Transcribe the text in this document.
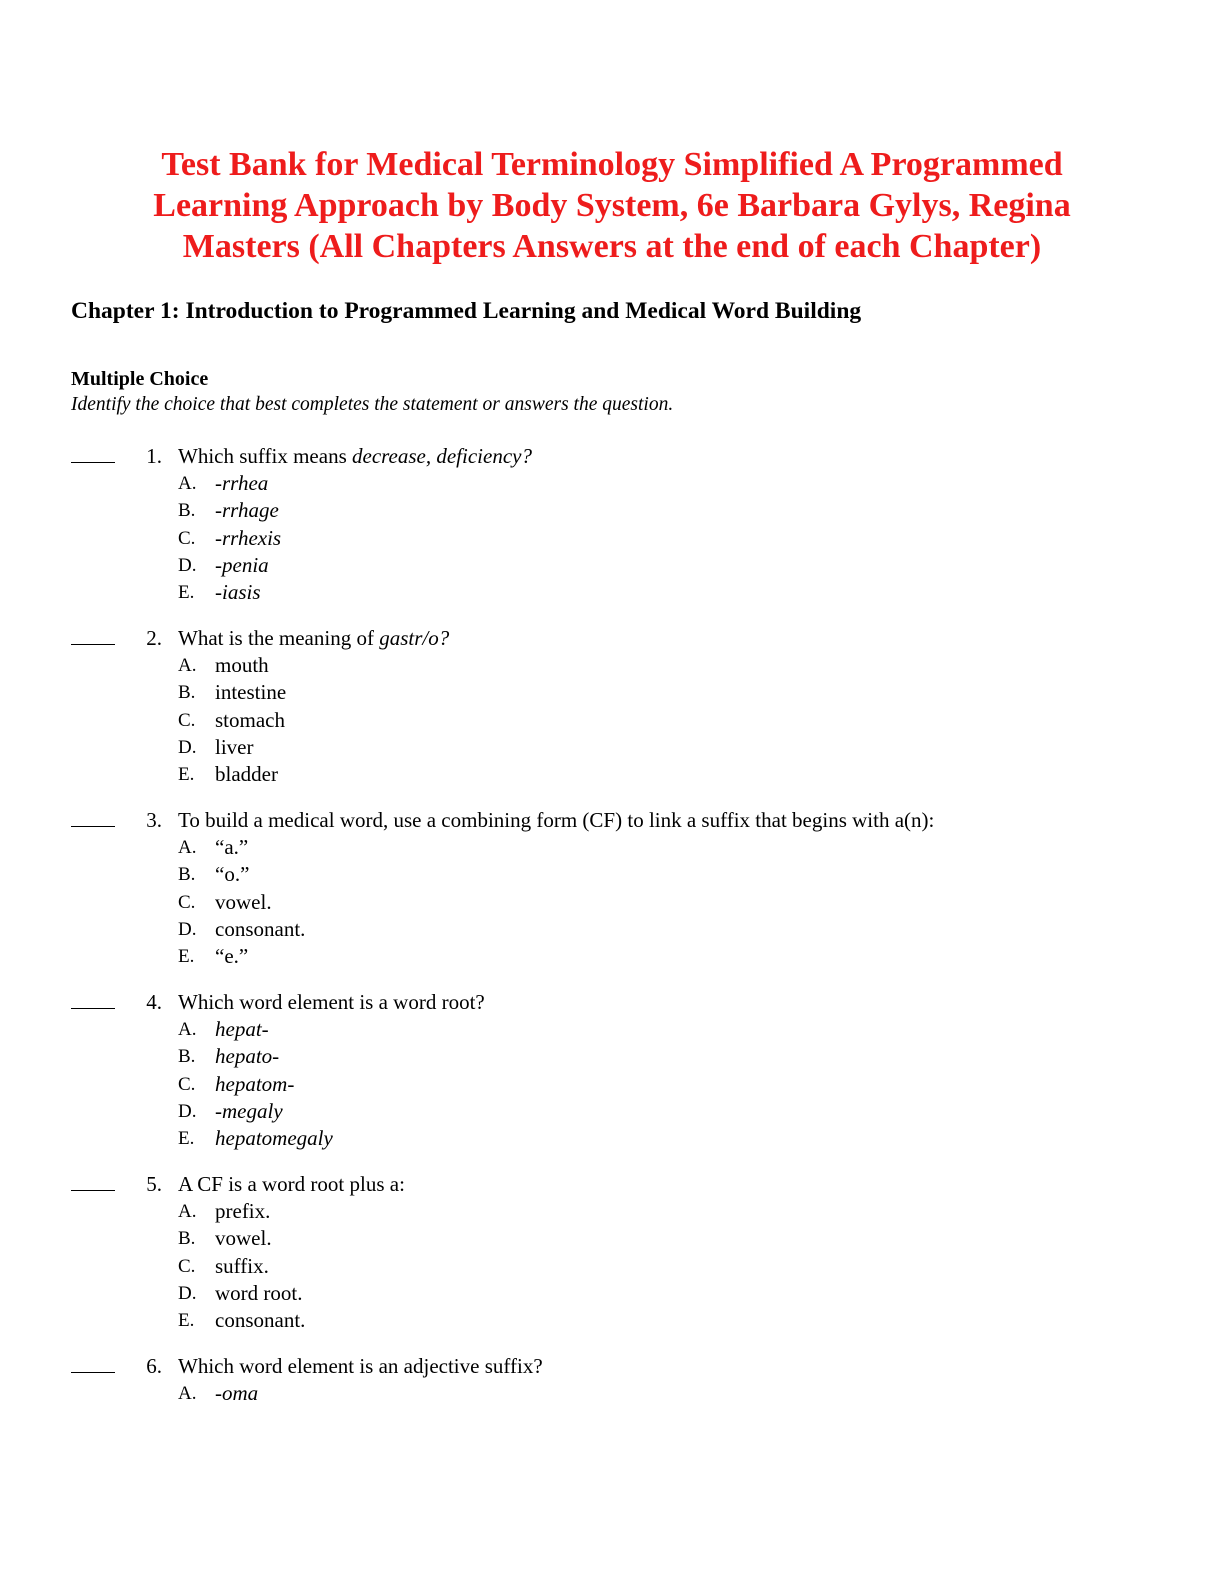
Test Bank for Medical Terminology Simplified A Programmed Learning Approach by Body System, 6e Barbara Gylys, Regina Masters (All Chapters Answers at the end of each Chapter)
Chapter 1: Introduction to Programmed Learning and Medical Word Building
Multiple Choice
Identify the choice that best completes the statement or answers the question.
1. Which suffix means decrease, deficiency?
A. -rrhea
B. -rrhage
C. -rrhexis
D. -penia
E. -iasis
2. What is the meaning of gastr/o?
A. mouth
B. intestine
C. stomach
D. liver
E. bladder
3. To build a medical word, use a combining form (CF) to link a suffix that begins with a(n):
A. “a.”
B. “o.”
C. vowel.
D. consonant.
E. “e.”
4. Which word element is a word root?
A. hepat-
B. hepato-
C. hepatom-
D. -megaly
E. hepatomegaly
5. A CF is a word root plus a:
A. prefix.
B. vowel.
C. suffix.
D. word root.
E. consonant.
6. Which word element is an adjective suffix?
A. -oma
